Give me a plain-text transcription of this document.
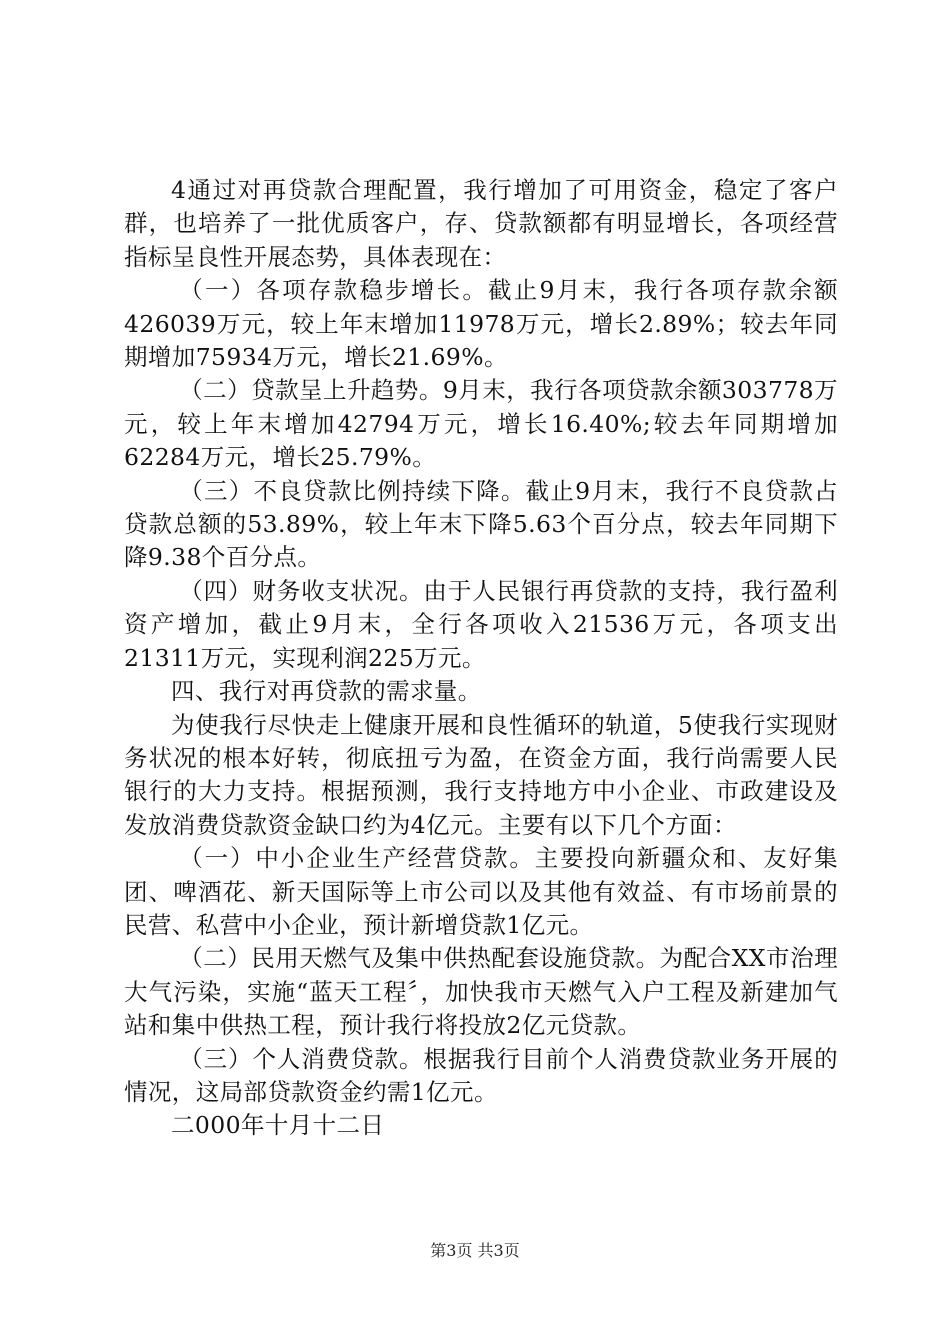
4通过对再贷款合理配置，我行增加了可用资金，稳定了客户群，也培养了一批优质客户，存、贷款额都有明显增长，各项经营指标呈良性开展态势，具体表现在：

（一）各项存款稳步增长。截止9月末，我行各项存款余额426039万元，较上年末增加11978万元，增长2.89%；较去年同期增加75934万元，增长21.69%。

（二）贷款呈上升趋势。9月末，我行各项贷款余额303778万元，较上年末增加42794万元，增长16.40%;较去年同期增加62284万元，增长25.79%。

（三）不良贷款比例持续下降。截止9月末，我行不良贷款占贷款总额的53.89%，较上年末下降5.63个百分点，较去年同期下降9.38个百分点。

（四）财务收支状况。由于人民银行再贷款的支持，我行盈利资产增加，截止9月末，全行各项收入21536万元，各项支出21311万元，实现利润225万元。

四、我行对再贷款的需求量。

为使我行尽快走上健康开展和良性循环的轨道，5使我行实现财务状况的根本好转，彻底扭亏为盈，在资金方面，我行尚需要人民银行的大力支持。根据预测，我行支持地方中小企业、市政建设及发放消费贷款资金缺口约为4亿元。主要有以下几个方面：

（一）中小企业生产经营贷款。主要投向新疆众和、友好集团、啤酒花、新天国际等上市公司以及其他有效益、有市场前景的民营、私营中小企业，预计新增贷款1亿元。

（二）民用天燃气及集中供热配套设施贷款。为配合XX市治理大气污染，实施“蓝天工程〞，加快我市天燃气入户工程及新建加气站和集中供热工程，预计我行将投放2亿元贷款。

（三）个人消费贷款。根据我行目前个人消费贷款业务开展的情况，这局部贷款资金约需1亿元。

二000年十月十二日

第3页 共3页
